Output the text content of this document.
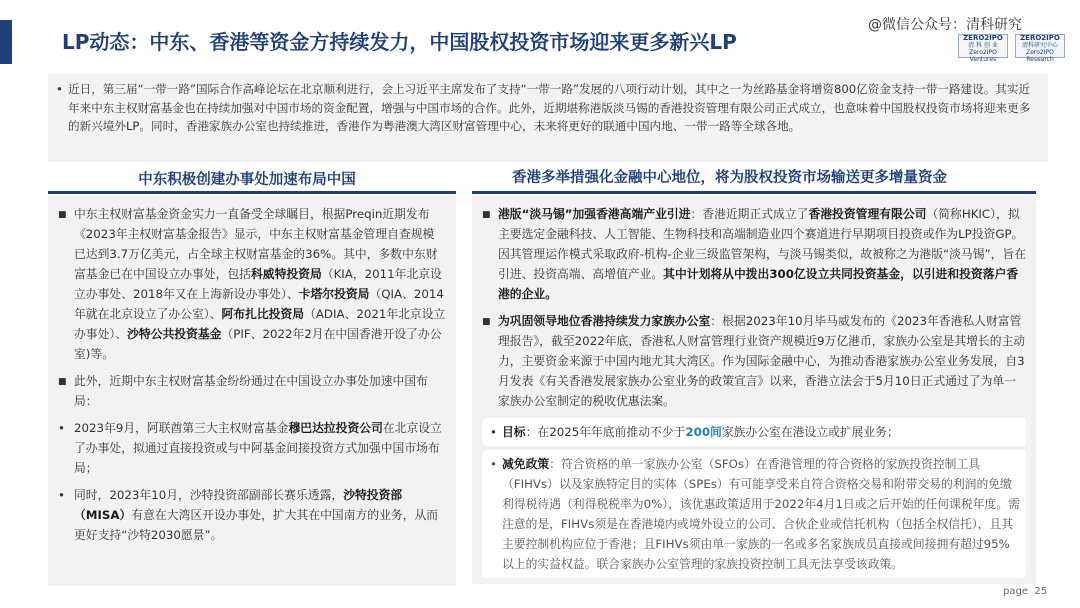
LP动态：中东、香港等资金方持续发力，中国股权投资市场迎来更多新兴LP
@微信公众号：清科研究
ZERO2IPO
清 科 创 业
Zero2IPO Ventures
ZERO2IPO
清科研究中心
Zero2IPO Research
• 近日，第三届“一带一路”国际合作高峰论坛在北京顺利进行，会上习近平主席发布了支持“一带一路”发展的八项行动计划，其中之一为丝路基金将增资800亿资金支持一带一路建设。其实近年来中东主权财富基金也在持续加强对中国市场的资金配置，增强与中国市场的合作。此外，近期堪称港版淡马锡的香港投资管理有限公司正式成立，也意味着中国股权投资市场将迎来更多的新兴境外LP。同时，香港家族办公室也持续推进，香港作为粤港澳大湾区财富管理中心，未来将更好的联通中国内地、一带一路等全球各地。
中东积极创建办事处加速布局中国	香港多举措强化金融中心地位，将为股权投资市场输送更多增量资金
■ 中东主权财富基金资金实力一直备受全球瞩目，根据Preqin近期发布《2023年主权财富基金报告》显示，中东主权财富基金管理自查规模已达到3.7万亿美元，占全球主权财富基金的36%。其中，多数中东财富基金已在中国设立办事处，包括科威特投资局（KIA，2011年北京设立办事处、2018年又在上海新设办事处）、卡塔尔投资局（QIA、2014年就在北京设立了办公室）、阿布扎比投资局（ADIA、2021年北京设立办事处）、沙特公共投资基金（PIF、2022年2月在中国香港开设了办公室)等。
■ 此外，近期中东主权财富基金纷纷通过在中国设立办事处加速中国布局：
• 2023年9月，阿联酋第三大主权财富基金穆巴达拉投资公司在北京设立了办事处，拟通过直接投资或与中阿基金间接投资方式加强中国市场布局；
• 同时，2023年10月，沙特投资部副部长赛乐透露，沙特投资部（MISA）有意在大湾区开设办事处，扩大其在中国南方的业务，从而更好支持“沙特2030愿景”。
■ 港版“淡马锡”加强香港高端产业引进：香港近期正式成立了香港投资管理有限公司（简称HKIC），拟主要选定金融科技、人工智能、生物科技和高端制造业四个赛道进行早期项目投资或作为LP投资GP。因其管理运作模式采取政府-机构-企业三级监管架构，与淡马锡类似，故被称之为港版“淡马锡”，旨在引进、投资高端、高增值产业。其中计划将从中拨出300亿设立共同投资基金，以引进和投资落户香港的企业。
■ 为巩固领导地位香港持续发力家族办公室：根据2023年10月毕马威发布的《2023年香港私人财富管理报告》，截至2022年底，香港私人财富管理行业资产规模近9万亿港币，家族办公室是其增长的主动力，主要资金来源于中国内地尤其大湾区。作为国际金融中心，为推动香港家族办公室业务发展，自3月发表《有关香港发展家族办公室业务的政策宣言》以来，香港立法会于5月10日正式通过了为单一家族办公室制定的税收优惠法案。
• 目标：在2025年年底前推动不少于200间家族办公室在港设立或扩展业务；
• 减免政策：符合资格的单一家族办公室（SFOs）在香港管理的符合资格的家族投资控制工具（FIHVs）以及家族特定目的实体（SPEs）有可能享受来自符合资格交易和附带交易的利润的免缴利得税待遇（利得税税率为0%），该优惠政策适用于2022年4月1日或之后开始的任何课税年度。需注意的是，FIHVs须是在香港境内或境外设立的公司、合伙企业或信托机构（包括全权信托），且其主要控制机构应位于香港；且FIHVs须由单一家族的一名或多名家族成员直接或间接拥有超过95%以上的实益权益。联合家族办公室管理的家族投资控制工具无法享受该政策。
page 25
